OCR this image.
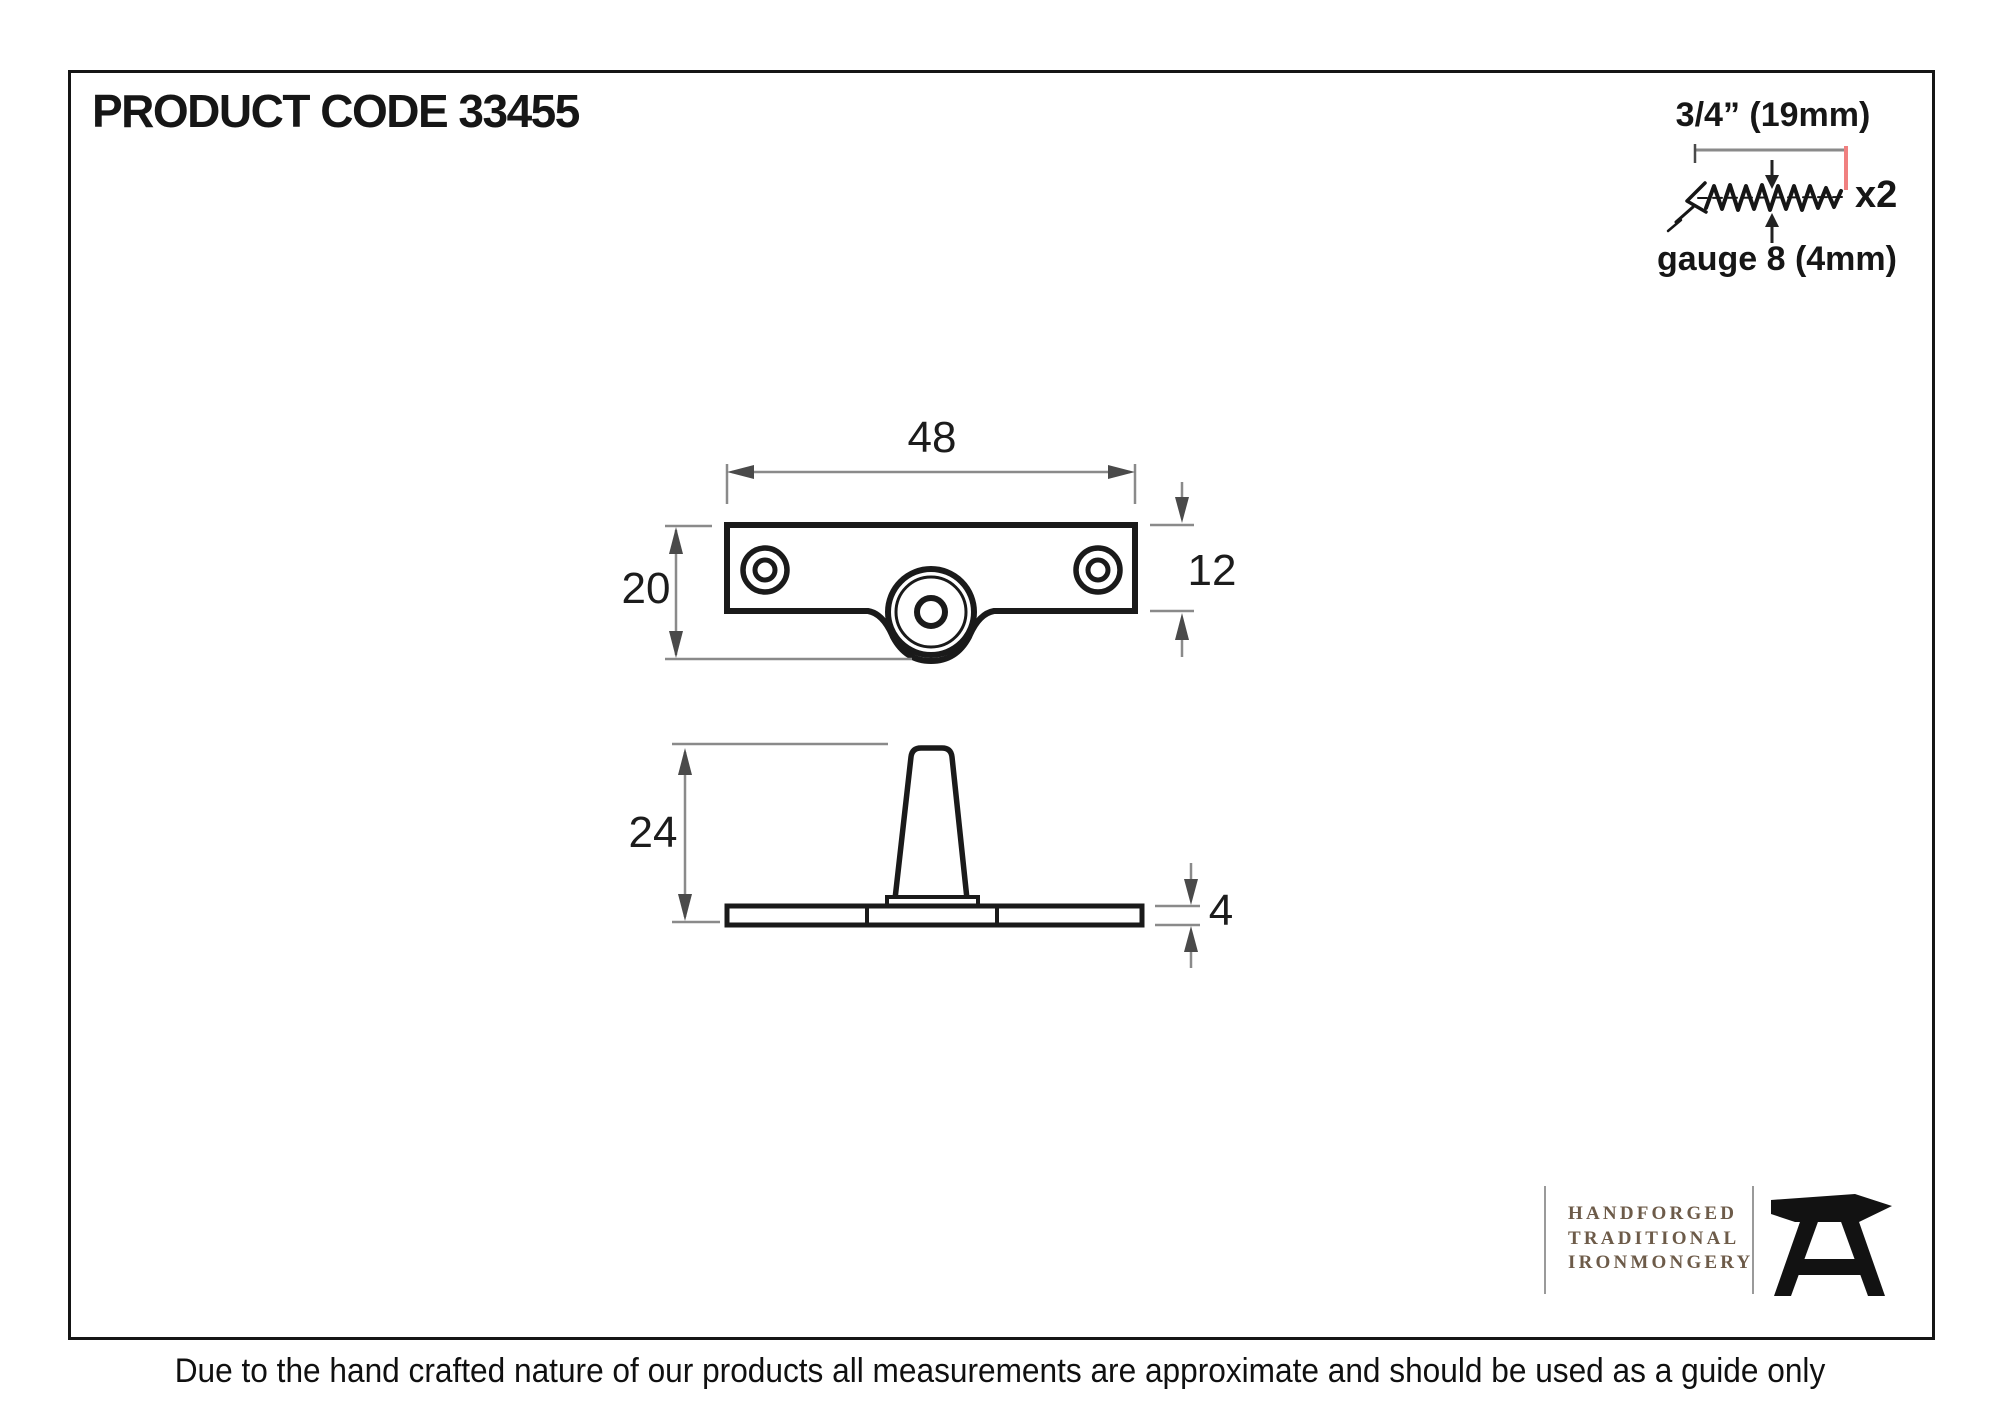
PRODUCT CODE 33455	3/4” (19mm)
x2
gauge 8 (4mm)
48
20	12
24
4
HANDFORGED
TRADITIONAL
IRONMONGERY
Due to the hand crafted nature of our products all measurements are approximate and should be used as a guide only
